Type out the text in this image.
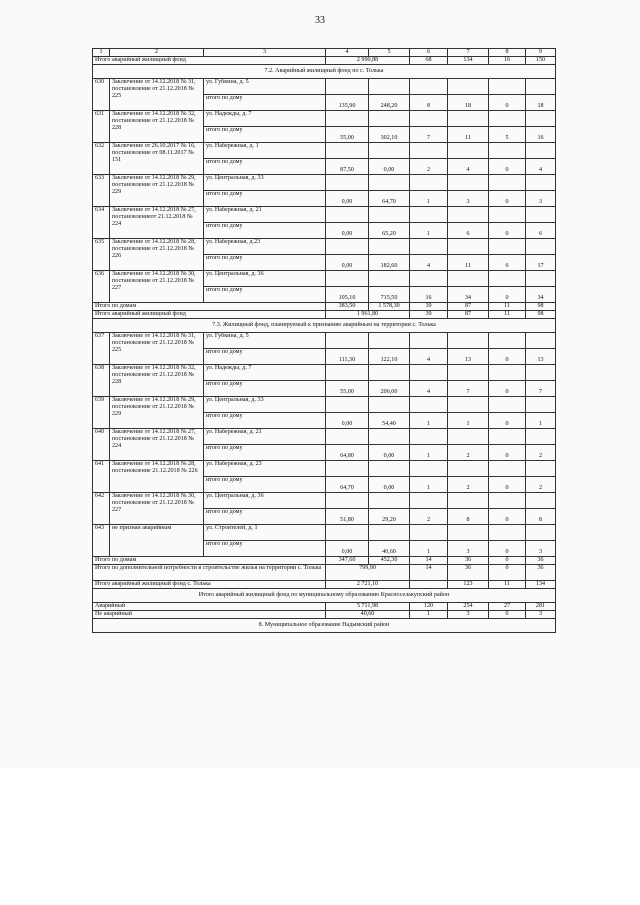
33
1	2	3	4	5	6	7	8	9
Итого аварийный жилищный фонд			2 990,88		68	134	16	150
7.2. Аварийный жилищный фонд по с. Толька								
630	Заключение от 14.12.2018 № 31, постановление от 21.12.2018 № 225	ул. Губкина, д. 5						
		итого по дому	135,90	248,20	8	18	0	18
631	Заключение от 14.12.2018 № 32, постановление от 21.12.2018 № 228	ул. Надежды, д. 7						
		итого по дому	55,00	302,10	7	11	5	16
632	Заключение от 26.10.2017 № 16, постановление от 08.11.2017 № 151	ул. Набережная, д. 1						
		итого по дому	87,50	0,00	2	4	0	4
633	Заключение от 14.12.2018 № 29, постановление от 21.12.2018 № 229	ул. Центральная, д. 33						
		итого по дому	0,00	64,70	1	3	0	3
634	Заключение от 14.12.2018 № 27, постановлениеот 21.12.2018 № 224	ул. Набережная, д. 21						
		итого по дому	0,00	65,20	1	6	0	6
635	Заключение от 14.12.2018 № 28, постановление от 21.12.2018 № 226	ул. Набережная, д.23						
		итого по дому	0,00	182,60	4	11	6	17
636	Заключение от 14.12.2018 № 30, постановление от 21.12.2018 № 227	ул. Центральная, д. 36						
		итого по дому	105,10	715,50	16	34	0	34
Итого по домам			383,50	1 578,30	39	87	11	98
Итого аварийный жилищный фонд			1 961,80		39	87	11	98
7.3. Жилищный фонд, планируемый к признанию аварийным на территории с. Толька								
637	Заключение от 14.12.2018 № 31, постановление от 21.12.2018 № 225	ул. Губкина, д. 5						
		итого по дому	111,30	122,10	4	13	0	13
638	Заключение от 14.12.2018 № 32, постановление от 21.12.2018 № 228	ул. Надежды, д. 7						
		итого по дому	55,00	206,00	4	7	0	7
639	Заключение от 14.12.2018 № 29, постановление от 21.12.2018 № 229	ул. Центральная, д. 33						
		итого по дому	0,00	54,40	1	1	0	1
640	Заключение от 14.12.2018 № 27, постановление от 21.12.2018 № 224	ул. Набережная, д. 21						
		итого по дому	64,80	0,00	1	2	0	2
641	Заключение от 14.12.2018 № 28, постановление 21.12.2018 № 226	ул. Набережная, д. 23						
		итого по дому	64,70	0,00	1	2	0	2
642	Заключение от 14.12.2018 № 30, постановление от 21.12.2018 № 227	ул. Центральная, д. 36						
		итого по дому	51,80	29,20	2	8	0	8
643	не признан аварийным	ул. Строителей, д. 1						
		итого по дому	0,00	40,60	1	3	0	3
Итого по домам			347,60	452,30	14	36	0	36
Итого по дополнительной потребности в строительстве жилья на территории с. Толька			799,90		14	36	0	36
Итого аварийный жилищный фонд с. Толька			2 721,10			123	11	134
Итого аварийный жилищный фонд по муниципальному образованию Красноселькупский район								
Аварийный			5 711,98		120	254	27	281
Не аварийный			40,60		1	3	0	3
8. Муниципальное образование Надымский район								
